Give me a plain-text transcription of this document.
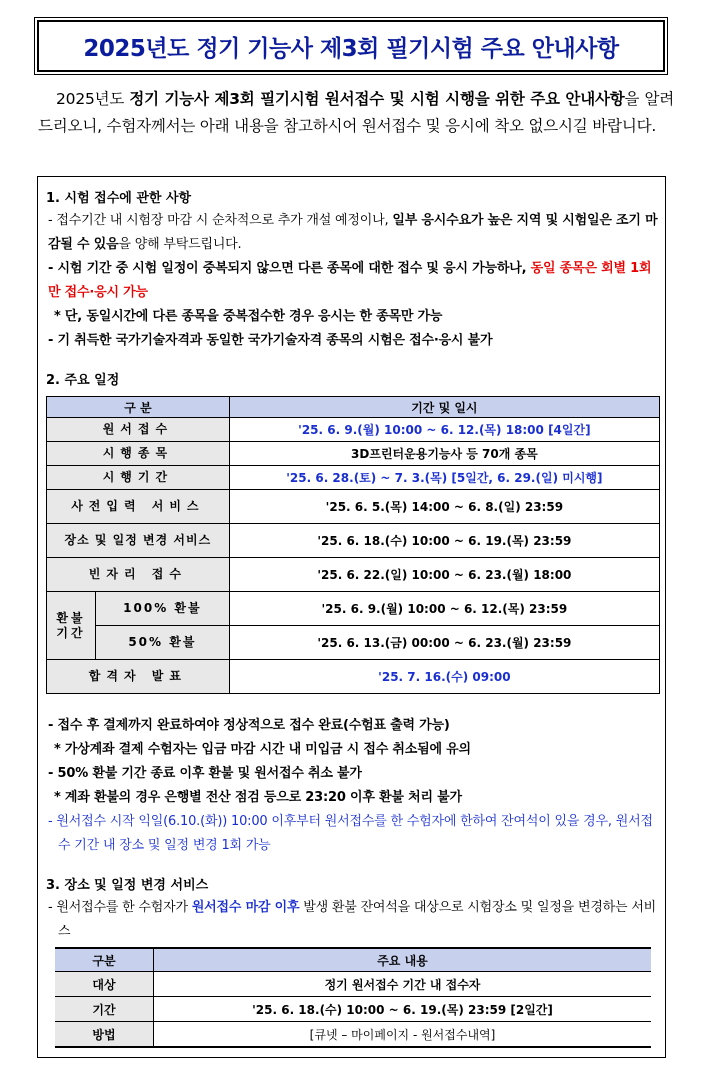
2025년도 정기 기능사 제3회 필기시험 주요 안내사항
2025년도 정기 기능사 제3회 필기시험 원서접수 및 시험 시행을 위한 주요 안내사항을 알려드리오니, 수험자께서는 아래 내용을 참고하시어 원서접수 및 응시에 착오 없으시길 바랍니다.
1. 시험 접수에 관한 사항
- 접수기간 내 시험장 마감 시 순차적으로 추가 개설 예정이나, 일부 응시수요가 높은 지역 및 시험일은 조기 마감될 수 있음을 양해 부탁드립니다.
- 시험 기간 중 시험 일정이 중복되지 않으면 다른 종목에 대한 접수 및 응시 가능하나, 동일 종목은 회별 1회만 접수·응시 가능
* 단, 동일시간에 다른 종목을 중복접수한 경우 응시는 한 종목만 가능
- 기 취득한 국가기술자격과 동일한 국가기술자격 종목의 시험은 접수·응시 불가
2. 주요 일정
구 분		기간 및 일시
원서접수		'25. 6. 9.(월) 10:00 ~ 6. 12.(목) 18:00 [4일간]
시행종목		3D프린터운용기능사 등 70개 종목
시행기간		'25. 6. 28.(토) ~ 7. 3.(목) [5일간, 6. 29.(일) 미시행]
사전입력 서비스		'25. 6. 5.(목) 14:00 ~ 6. 8.(일) 23:59
장소 및 일정 변경 서비스		'25. 6. 18.(수) 10:00 ~ 6. 19.(목) 23:59
빈자리 접수		'25. 6. 22.(일) 10:00 ~ 6. 23.(월) 18:00
환불 기간	100% 환불	'25. 6. 9.(월) 10:00 ~ 6. 12.(목) 23:59
	50% 환불	'25. 6. 13.(금) 00:00 ~ 6. 23.(월) 23:59
합격자 발표		'25. 7. 16.(수) 09:00
- 접수 후 결제까지 완료하여야 정상적으로 접수 완료(수험표 출력 가능)
* 가상계좌 결제 수험자는 입금 마감 시간 내 미입금 시 접수 취소됨에 유의
- 50% 환불 기간 종료 이후 환불 및 원서접수 취소 불가
* 계좌 환불의 경우 은행별 전산 점검 등으로 23:20 이후 환불 처리 불가
- 원서접수 시작 익일(6.10.(화)) 10:00 이후부터 원서접수를 한 수험자에 한하여 잔여석이 있을 경우, 원서접수 기간 내 장소 및 일정 변경 1회 가능
3. 장소 및 일정 변경 서비스
- 원서접수를 한 수험자가 원서접수 마감 이후 발생 환불 잔여석을 대상으로 시험장소 및 일정을 변경하는 서비스
구분	주요 내용
대상	정기 원서접수 기간 내 접수자
기간	'25. 6. 18.(수) 10:00 ~ 6. 19.(목) 23:59 [2일간]
방법	[큐넷 – 마이페이지 - 원서접수내역]
